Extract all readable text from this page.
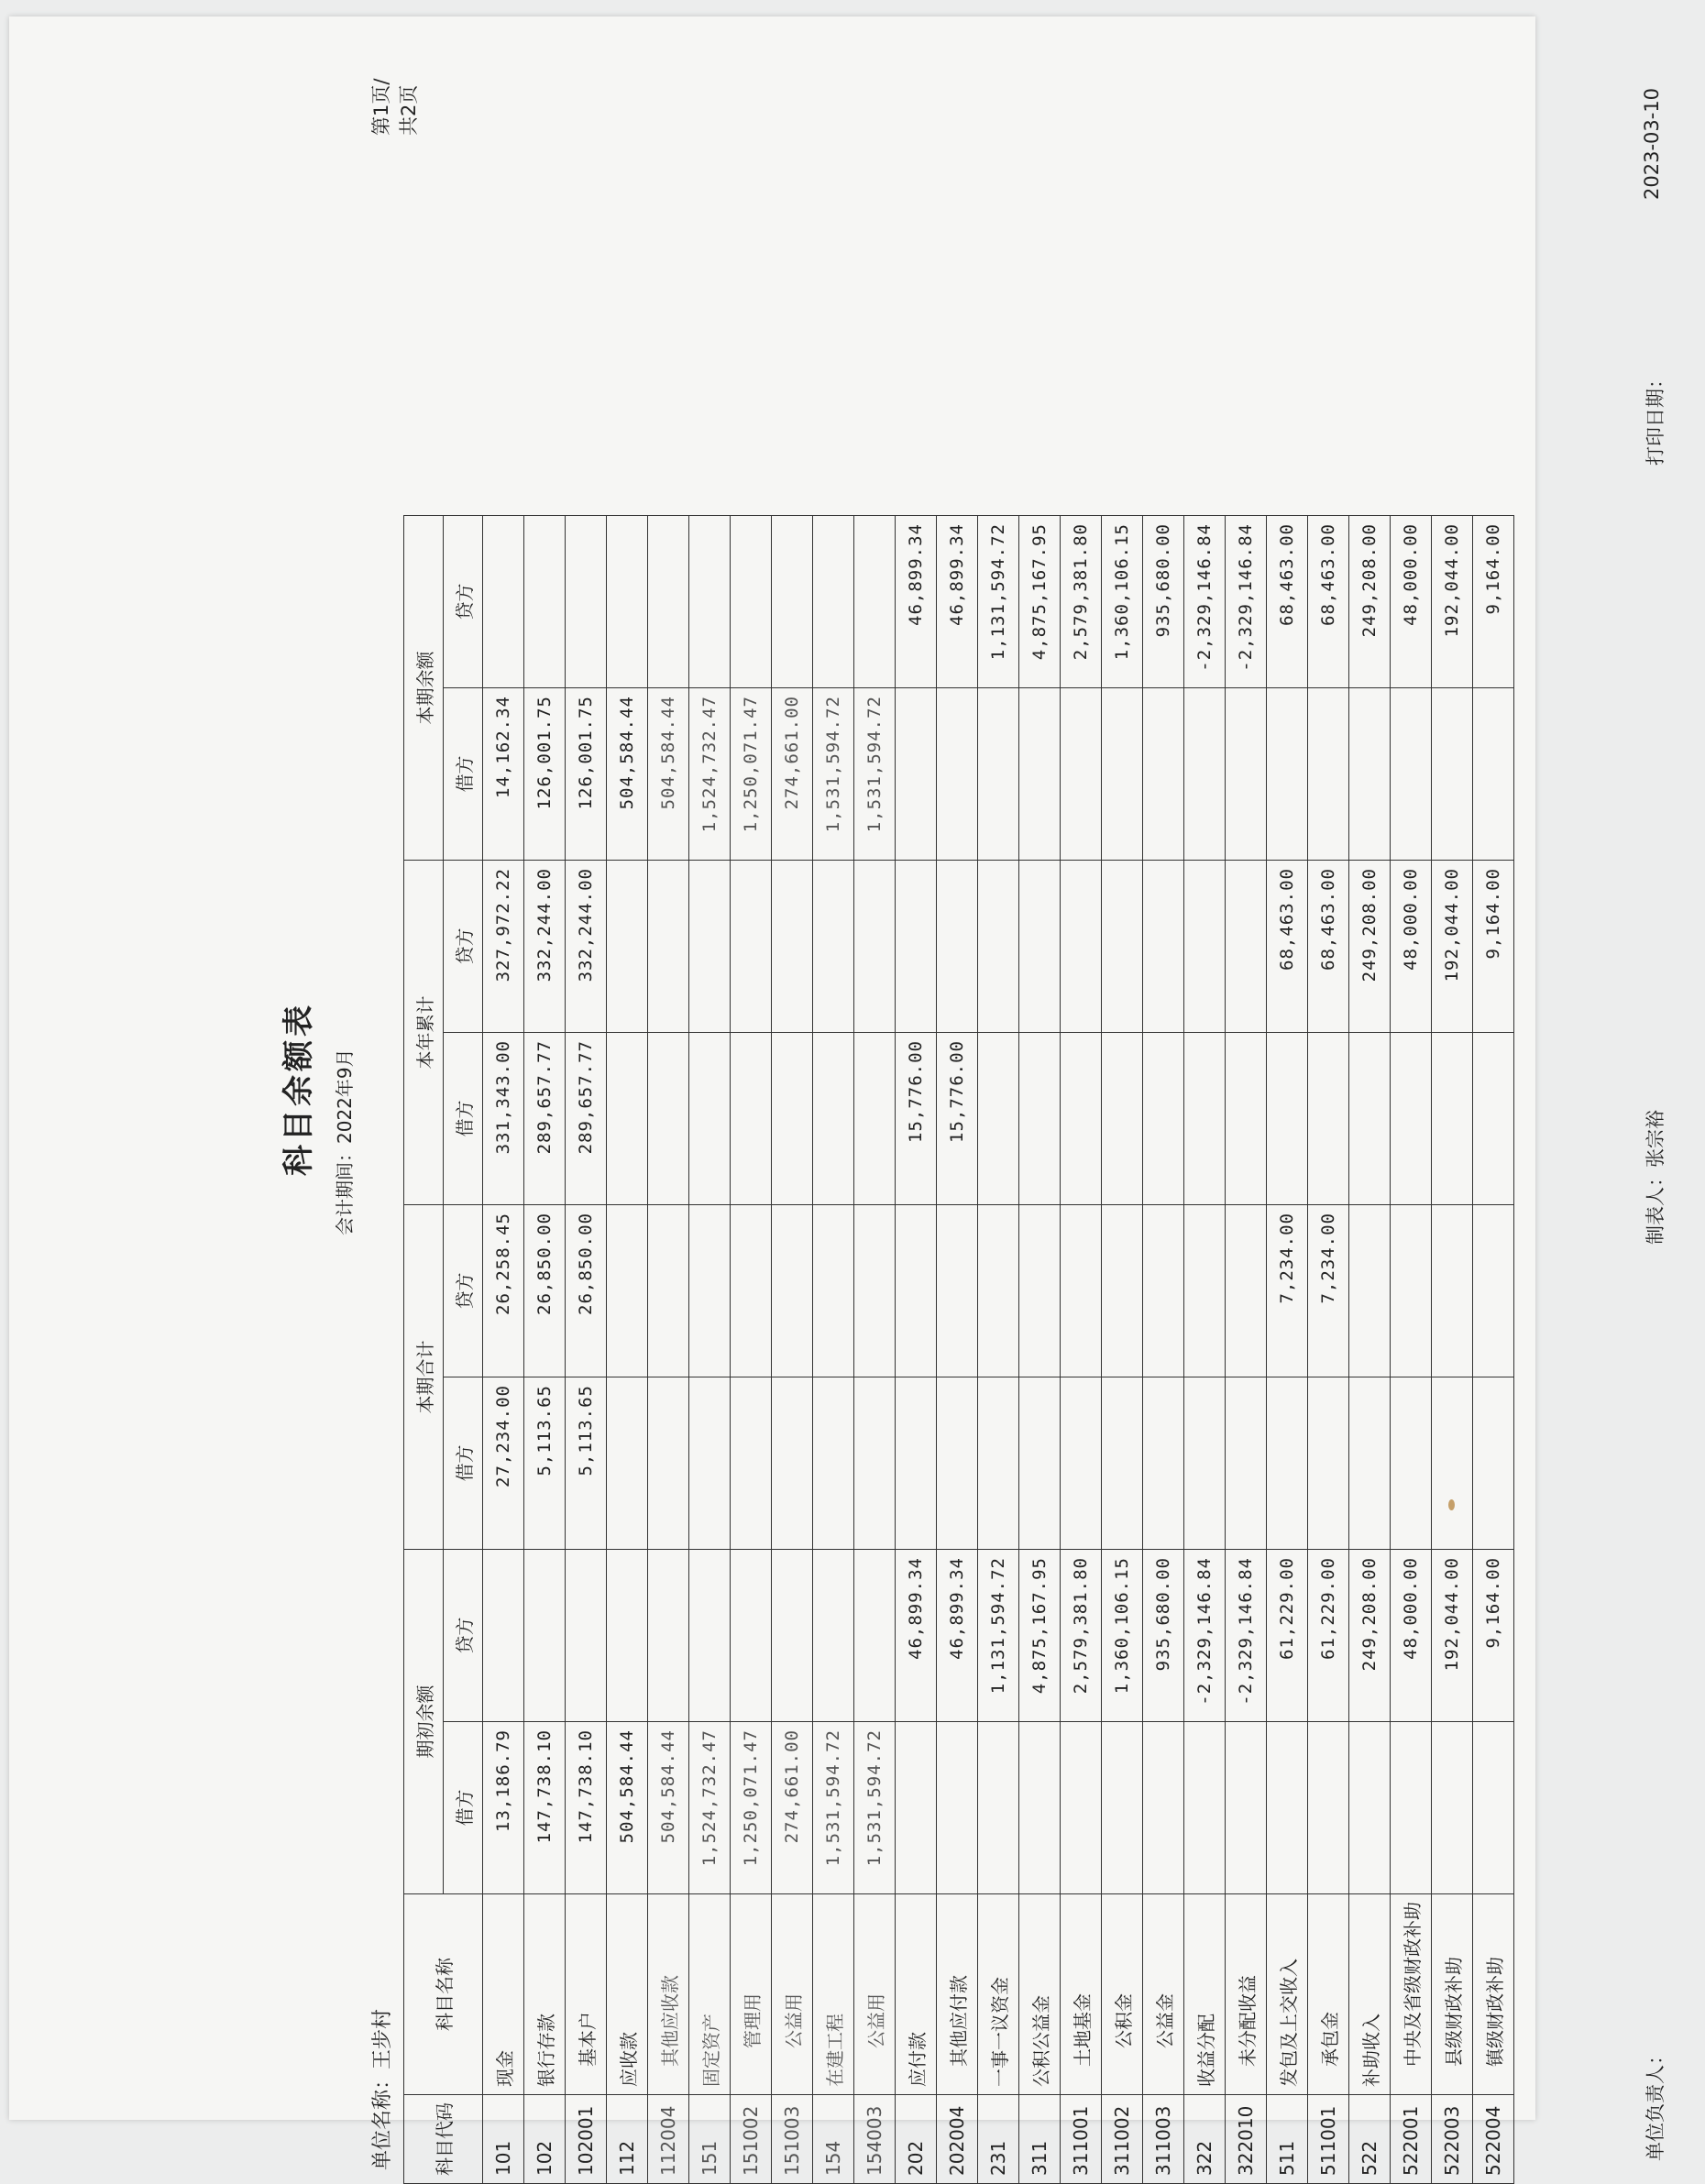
科目余额表 会计期间：2022年9月
单位名称：王步村
第1页/共2页
科目代码	科目名称	期初余额		本期合计		本年累计		本期余额	
		借方	贷方	借方	贷方	借方	贷方	借方	贷方
101	现金	13,186.79		27,234.00	26,258.45	331,343.00	327,972.22	14,162.34	
102	银行存款	147,738.10		5,113.65	26,850.00	289,657.77	332,244.00	126,001.75	
102001	基本户	147,738.10		5,113.65	26,850.00	289,657.77	332,244.00	126,001.75	
112	应收款	504,584.44						504,584.44	
112004	其他应收款	504,584.44						504,584.44	
151	固定资产	1,524,732.47						1,524,732.47	
151002	管理用	1,250,071.47						1,250,071.47	
151003	公益用	274,661.00						274,661.00	
154	在建工程	1,531,594.72						1,531,594.72	
154003	公益用	1,531,594.72						1,531,594.72	
202	应付款		46,899.34			15,776.00			46,899.34
202004	其他应付款		46,899.34			15,776.00			46,899.34
231	一事一议资金		1,131,594.72						1,131,594.72
311	公积公益金		4,875,167.95						4,875,167.95
311001	土地基金		2,579,381.80						2,579,381.80
311002	公积金		1,360,106.15						1,360,106.15
311003	公益金		935,680.00						935,680.00
322	收益分配		-2,329,146.84						-2,329,146.84
322010	未分配收益		-2,329,146.84						-2,329,146.84
511	发包及上交收入		61,229.00		7,234.00		68,463.00		68,463.00
511001	承包金		61,229.00		7,234.00		68,463.00		68,463.00
522	补助收入		249,208.00				249,208.00		249,208.00
522001	中央及省级财政补助		48,000.00				48,000.00		48,000.00
522003	县级财政补助		192,044.00				192,044.00		192,044.00
522004	镇级财政补助		9,164.00				9,164.00		9,164.00
单位负责人：
制表人：张宗裕
打印日期：
2023-03-10
